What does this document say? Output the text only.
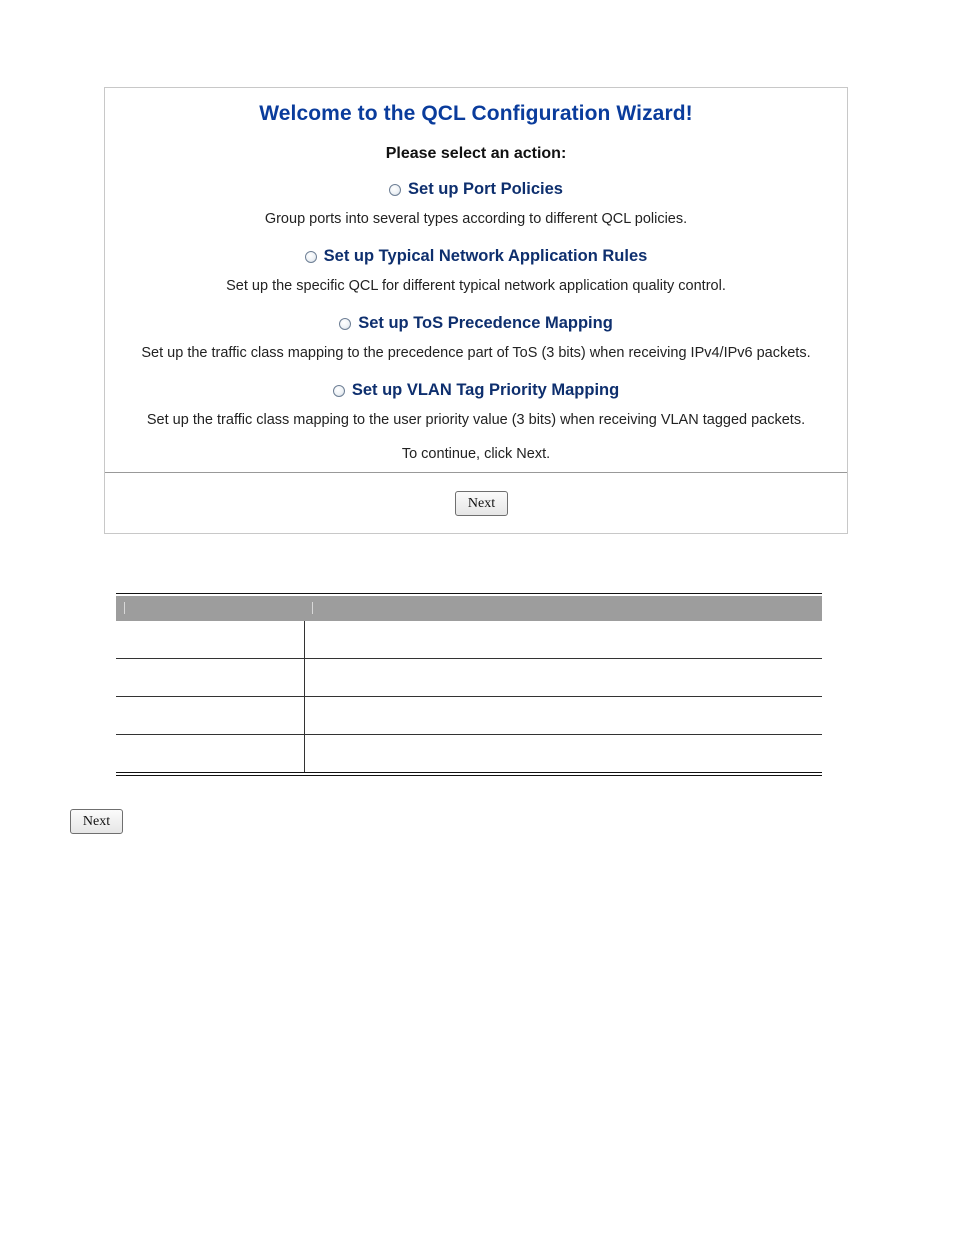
Welcome to the QCL Configuration Wizard!
Please select an action:
Set up Port Policies
Group ports into several types according to different QCL policies.
Set up Typical Network Application Rules
Set up the specific QCL for different typical network application quality control.
Set up ToS Precedence Mapping
Set up the traffic class mapping to the precedence part of ToS (3 bits) when receiving IPv4/IPv6 packets.
Set up VLAN Tag Priority Mapping
Set up the traffic class mapping to the user priority value (3 bits) when receiving VLAN tagged packets.
To continue, click Next.
Next
Next
